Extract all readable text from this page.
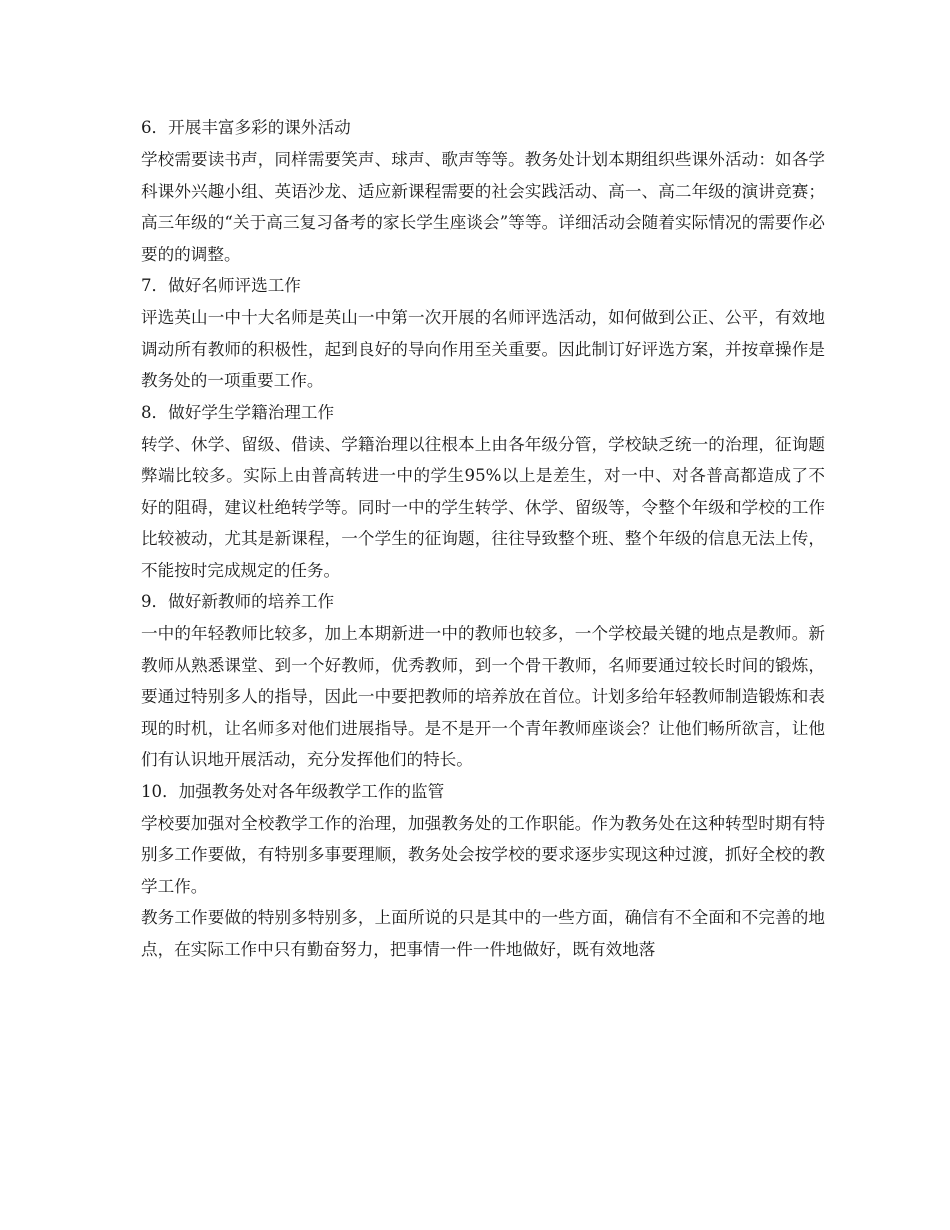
6．开展丰富多彩的课外活动

学校需要读书声，同样需要笑声、球声、歌声等等。教务处计划本期组织些课外活动：如各学科课外兴趣小组、英语沙龙、适应新课程需要的社会实践活动、高一、高二年级的演讲竞赛；高三年级的“关于高三复习备考的家长学生座谈会”等等。详细活动会随着实际情况的需要作必要的的调整。

7．做好名师评选工作

评选英山一中十大名师是英山一中第一次开展的名师评选活动，如何做到公正、公平，有效地调动所有教师的积极性，起到良好的导向作用至关重要。因此制订好评选方案，并按章操作是教务处的一项重要工作。

8．做好学生学籍治理工作

转学、休学、留级、借读、学籍治理以往根本上由各年级分管，学校缺乏统一的治理，征询题弊端比较多。实际上由普高转进一中的学生95%以上是差生，对一中、对各普高都造成了不好的阻碍，建议杜绝转学等。同时一中的学生转学、休学、留级等，令整个年级和学校的工作比较被动，尤其是新课程，一个学生的征询题，往往导致整个班、整个年级的信息无法上传，不能按时完成规定的任务。

9．做好新教师的培养工作

一中的年轻教师比较多，加上本期新进一中的教师也较多，一个学校最关键的地点是教师。新教师从熟悉课堂、到一个好教师，优秀教师，到一个骨干教师，名师要通过较长时间的锻炼，要通过特别多人的指导，因此一中要把教师的培养放在首位。计划多给年轻教师制造锻炼和表现的时机，让名师多对他们进展指导。是不是开一个青年教师座谈会？让他们畅所欲言，让他们有认识地开展活动，充分发挥他们的特长。

10．加强教务处对各年级教学工作的监管

学校要加强对全校教学工作的治理，加强教务处的工作职能。作为教务处在这种转型时期有特别多工作要做，有特别多事要理顺，教务处会按学校的要求逐步实现这种过渡，抓好全校的教学工作。

教务工作要做的特别多特别多，上面所说的只是其中的一些方面，确信有不全面和不完善的地点，在实际工作中只有勤奋努力，把事情一件一件地做好，既有效地落
